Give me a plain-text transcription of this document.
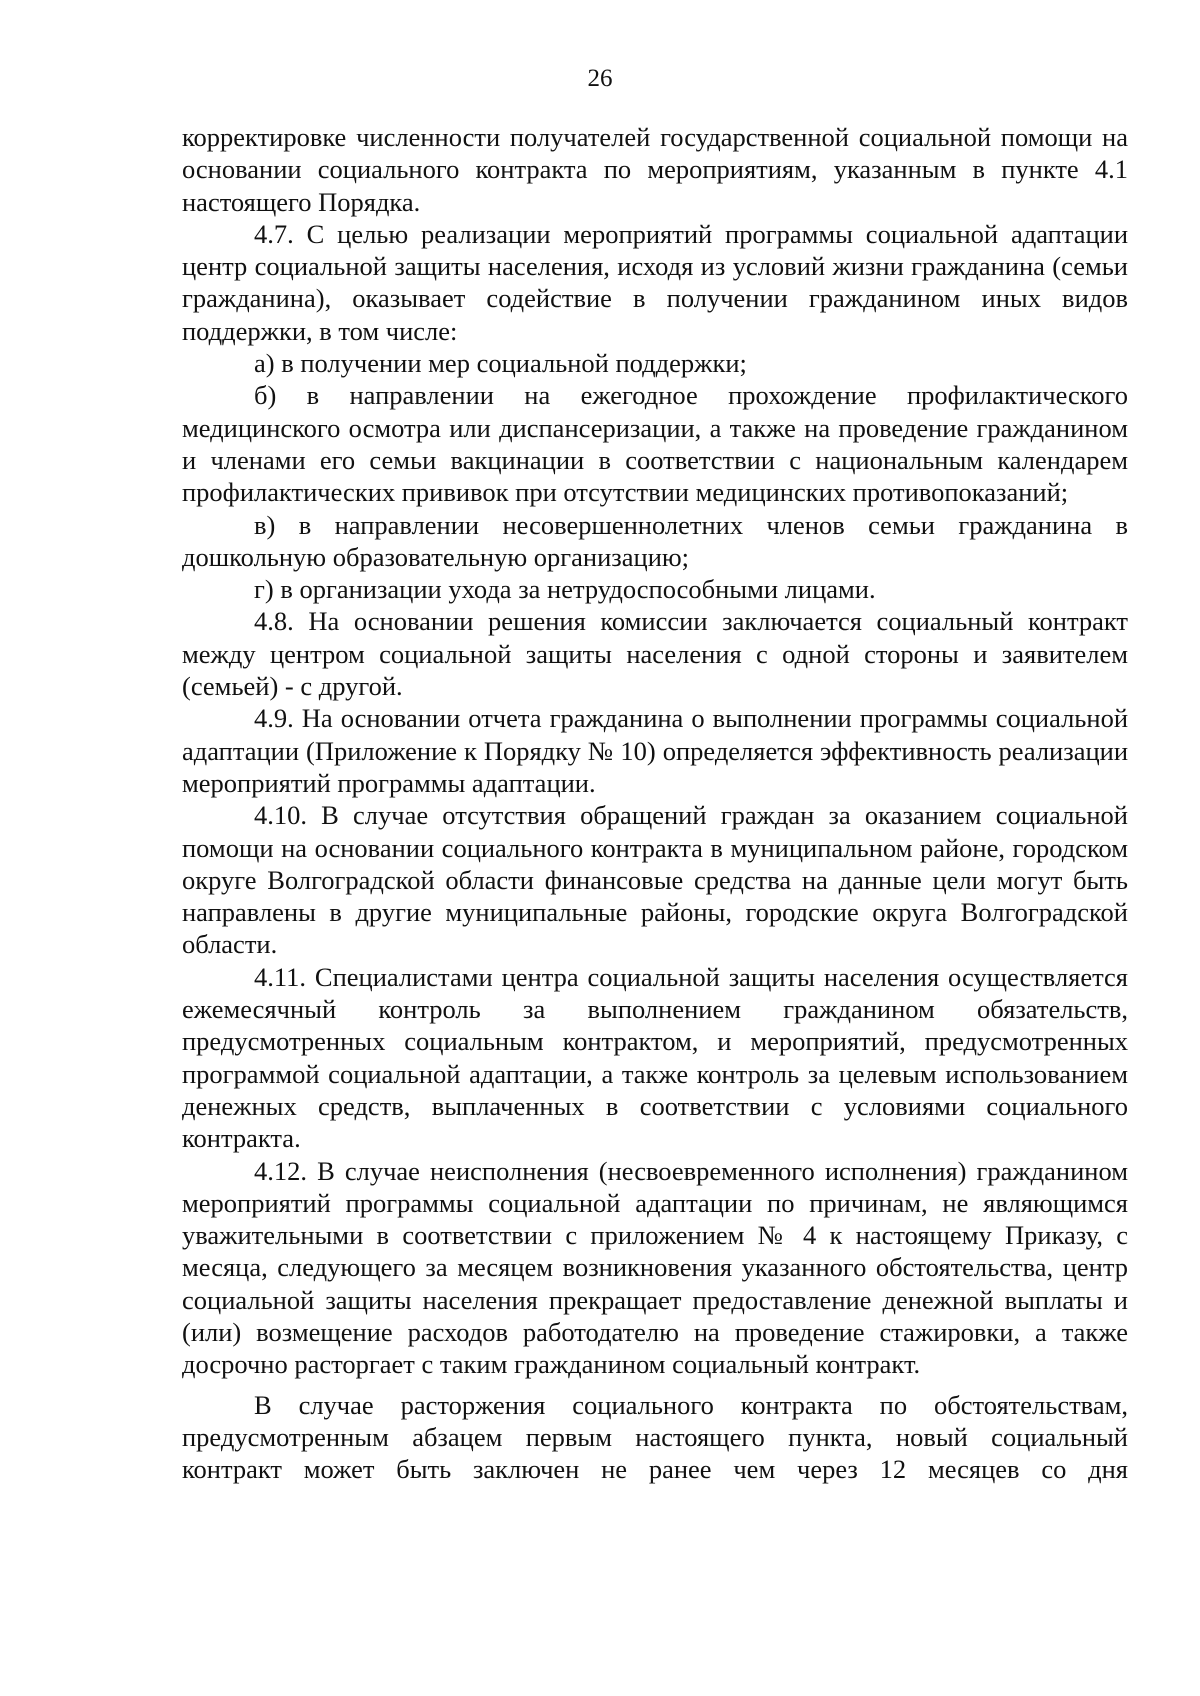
26

корректировке численности получателей государственной социальной помощи на основании социального контракта по мероприятиям, указанным в пункте 4.1 настоящего Порядка.

4.7. С целью реализации мероприятий программы социальной адаптации центр социальной защиты населения, исходя из условий жизни гражданина (семьи гражданина), оказывает содействие в получении гражданином иных видов поддержки, в том числе:

а) в получении мер социальной поддержки;

б) в направлении на ежегодное прохождение профилактического медицинского осмотра или диспансеризации, а также на проведение гражданином и членами его семьи вакцинации в соответствии с национальным календарем профилактических прививок при отсутствии медицинских противопоказаний;

в) в направлении несовершеннолетних членов семьи гражданина в дошкольную образовательную организацию;

г) в организации ухода за нетрудоспособными лицами.

4.8. На основании решения комиссии заключается социальный контракт между центром социальной защиты населения с одной стороны и заявителем (семьей) - с другой.

4.9. На основании отчета гражданина о выполнении программы социальной адаптации (Приложение к Порядку № 10) определяется эффективность реализации мероприятий программы адаптации.

4.10. В случае отсутствия обращений граждан за оказанием социальной помощи на основании социального контракта в муниципальном районе, городском округе Волгоградской области финансовые средства на данные цели могут быть направлены в другие муниципальные районы, городские округа Волгоградской области.

4.11. Специалистами центра социальной защиты населения осуществляется ежемесячный контроль за выполнением гражданином обязательств, предусмотренных социальным контрактом, и мероприятий, предусмотренных программой социальной адаптации, а также контроль за целевым использованием денежных средств, выплаченных в соответствии с условиями социального контракта.

4.12. В случае неисполнения (несвоевременного исполнения) гражданином мероприятий программы социальной адаптации по причинам, не являющимся уважительными в соответствии с приложением № 4 к настоящему Приказу, с месяца, следующего за месяцем возникновения указанного обстоятельства, центр социальной защиты населения прекращает предоставление денежной выплаты и (или) возмещение расходов работодателю на проведение стажировки, а также досрочно расторгает с таким гражданином социальный контракт.

В случае расторжения социального контракта по обстоятельствам, предусмотренным абзацем первым настоящего пункта, новый социальный контракт может быть заключен не ранее чем через 12 месяцев со дня
